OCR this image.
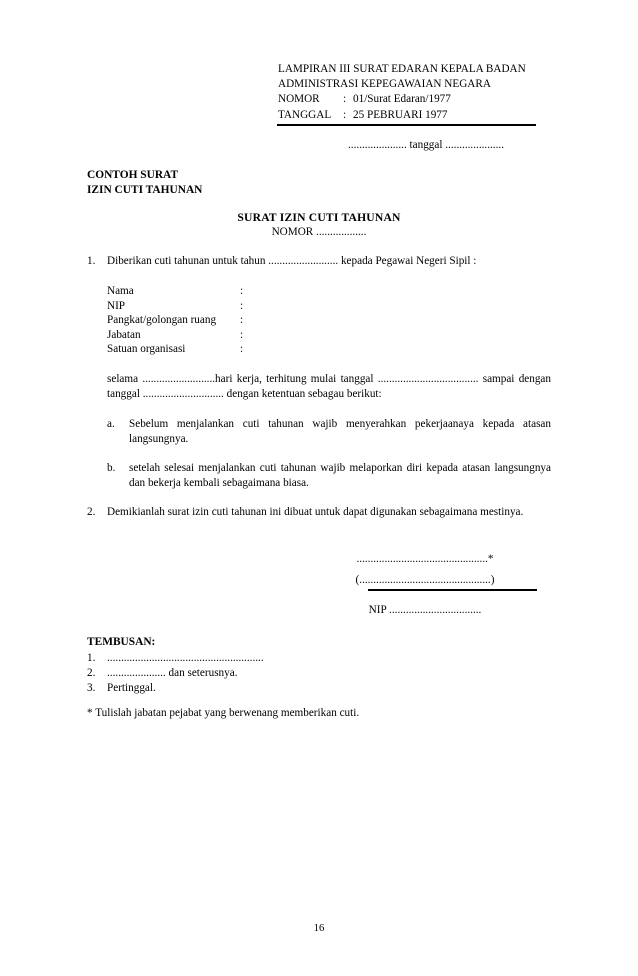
LAMPIRAN III SURAT EDARAN KEPALA BADAN
ADMINISTRASI KEPEGAWAIAN NEGARA
NOMOR	: 01/Surat Edaran/1977
TANGGAL	: 25 PEBRUARI 1977
..................... tanggal .....................
CONTOH SURAT
IZIN CUTI TAHUNAN
SURAT IZIN CUTI TAHUNAN
NOMOR ..................
1.	Diberikan cuti tahunan untuk tahun ......................... kepada Pegawai Negeri Sipil :
Nama	:
NIP	:
Pangkat/golongan ruang	:
Jabatan	:
Satuan organisasi	:
selama ..........................hari kerja, terhitung mulai tanggal .................................... sampai dengan tanggal ............................. dengan ketentuan sebagau berikut:
a.	Sebelum menjalankan cuti tahunan wajib menyerahkan pekerjaanaya kepada atasan langsungnya.
b.	setelah selesai menjalankan cuti tahunan wajib melaporkan diri kepada atasan langsungnya dan bekerja kembali sebagaimana biasa.
2.	Demikianlah surat izin cuti tahunan ini dibuat untuk dapat digunakan sebagaimana mestinya.
...............................................*
(...............................................)
NIP .................................
TEMBUSAN:
1.	........................................................
2.	..................... dan seterusnya.
3.	Pertinggal.
* Tulislah jabatan pejabat yang berwenang memberikan cuti.
16
